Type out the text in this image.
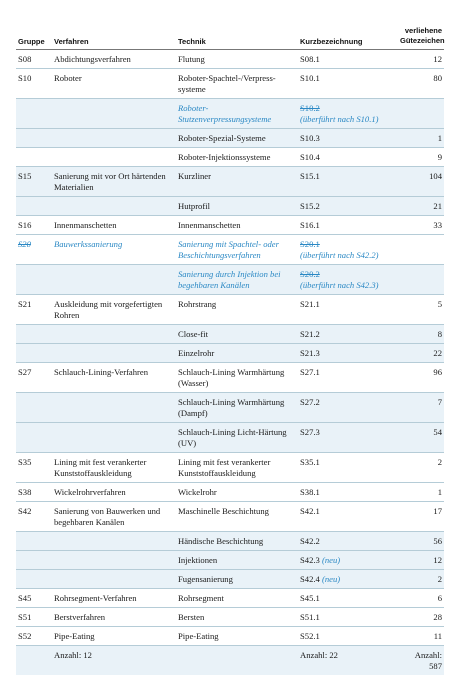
Gruppe	Verfahren	Technik	Kurzbezeichnung	verliehene
Gütezeichen
S08	Abdichtungsverfahren	Flutung	S08.1	12
S10	Roboter	Roboter-Spachtel-/Verpress-systeme	S10.1	80
		Roboter-Stutzenverpressungsysteme	S10.2
(überführt nach S10.1)	
		Roboter-Spezial-Systeme	S10.3	1
		Roboter-Injektionssysteme	S10.4	9
S15	Sanierung mit vor Ort härtenden Materialien	Kurzliner	S15.1	104
		Hutprofil	S15.2	21
S16	Innenmanschetten	Innenmanschetten	S16.1	33
S20	Bauwerkssanierung	Sanierung mit Spachtel- oder Beschichtungsverfahren	S20.1
(überführt nach S42.2)	
		Sanierung durch Injektion bei begehbaren Kanälen	S20.2
(überführt nach S42.3)	
S21	Auskleidung mit vorgefertigten Rohren	Rohrstrang	S21.1	5
		Close-fit	S21.2	8
		Einzelrohr	S21.3	22
S27	Schlauch-Lining-Verfahren	Schlauch-Lining Warmhärtung (Wasser)	S27.1	96
		Schlauch-Lining Warmhärtung (Dampf)	S27.2	7
		Schlauch-Lining Licht-Härtung (UV)	S27.3	54
S35	Lining mit fest verankerter Kunststoffauskleidung	Lining mit fest verankerter Kunststoffauskleidung	S35.1	2
S38	Wickelrohrverfahren	Wickelrohr	S38.1	1
S42	Sanierung von Bauwerken und begehbaren Kanälen	Maschinelle Beschichtung	S42.1	17
		Händische Beschichtung	S42.2	56
		Injektionen	S42.3 (neu)	12
		Fugensanierung	S42.4 (neu)	2
S45	Rohrsegment-Verfahren	Rohrsegment	S45.1	6
S51	Berstverfahren	Bersten	S51.1	28
S52	Pipe-Eating	Pipe-Eating	S52.1	11
	Anzahl: 12		Anzahl: 22	Anzahl: 587
